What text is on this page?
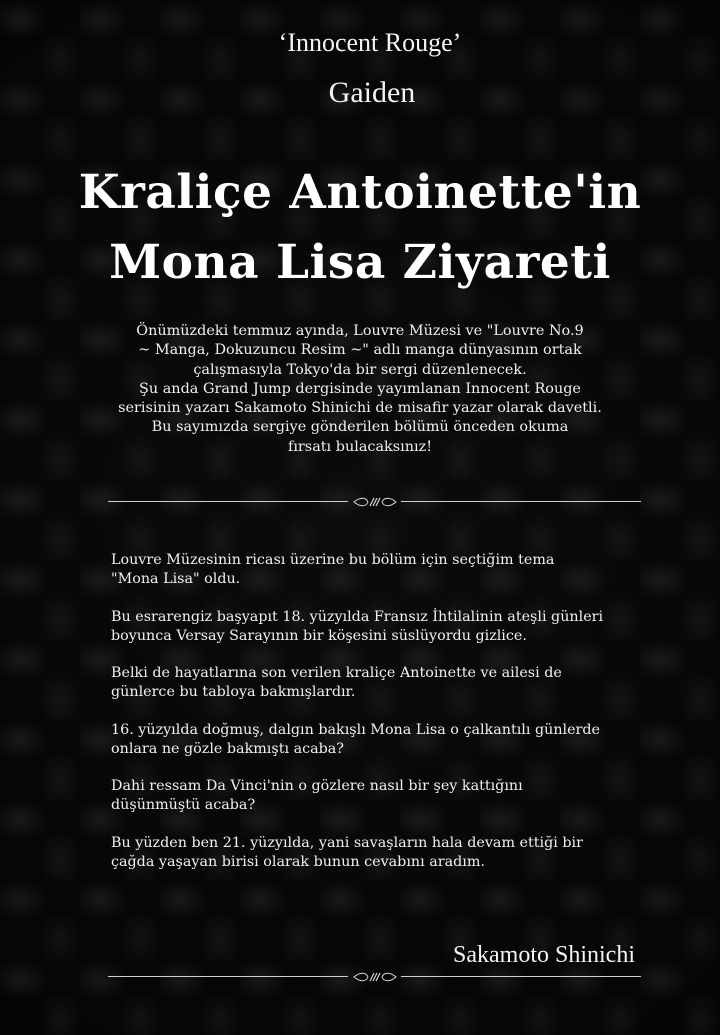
‘Innocent Rouge’
Gaiden
Kraliçe Antoinette'in
Mona Lisa Ziyareti
Önümüzdeki temmuz ayında, Louvre Müzesi ve "Louvre No.9
~ Manga, Dokuzuncu Resim ~" adlı manga dünyasının ortak
çalışmasıyla Tokyo'da bir sergi düzenlenecek.
Şu anda Grand Jump dergisinde yayımlanan Innocent Rouge
serisinin yazarı Sakamoto Shinichi de misafir yazar olarak davetli.
Bu sayımızda sergiye gönderilen bölümü önceden okuma
fırsatı bulacaksınız!
Louvre Müzesinin ricası üzerine bu bölüm için seçtiğim tema
"Mona Lisa" oldu.
Bu esrarengiz başyapıt 18. yüzyılda Fransız İhtilalinin ateşli günleri
boyunca Versay Sarayının bir köşesini süslüyordu gizlice.
Belki de hayatlarına son verilen kraliçe Antoinette ve ailesi de
günlerce bu tabloya bakmışlardır.
16. yüzyılda doğmuş, dalgın bakışlı Mona Lisa o çalkantılı günlerde
onlara ne gözle bakmıştı acaba?
Dahi ressam Da Vinci'nin o gözlere nasıl bir şey kattığını
düşünmüştü acaba?
Bu yüzden ben 21. yüzyılda, yani savaşların hala devam ettiği bir
çağda yaşayan birisi olarak bunun cevabını aradım.
Sakamoto Shinichi
